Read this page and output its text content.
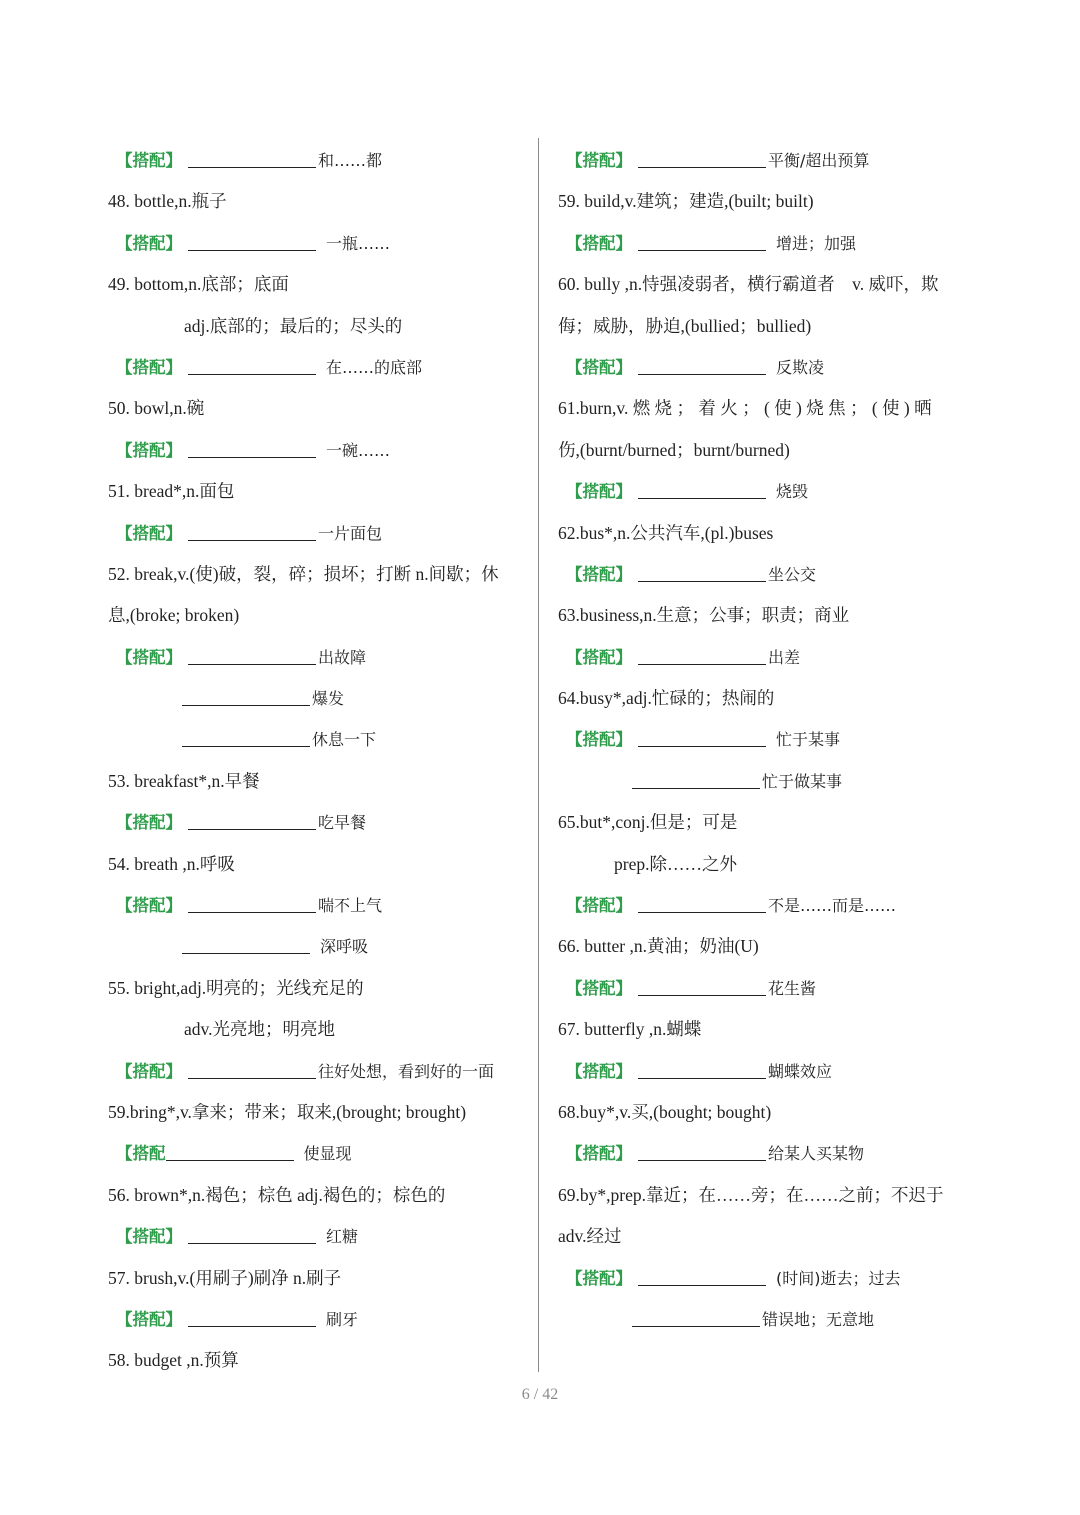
【搭配】	和……都
48. bottle,n.瓶子
【搭配】	一瓶……
49. bottom,n.底部；底面
adj.底部的；最后的；尽头的
【搭配】	在……的底部
50. bowl,n.碗
【搭配】	一碗……
51. bread*,n.面包
【搭配】	一片面包
52. break,v.(使)破，裂，碎；损坏；打断 n.间歇；休
息,(broke; broken)
【搭配】	出故障
爆发
休息一下
53. breakfast*,n.早餐
【搭配】	吃早餐
54. breath ,n.呼吸
【搭配】	喘不上气
深呼吸
55. bright,adj.明亮的；光线充足的
adv.光亮地；明亮地
【搭配】	往好处想，看到好的一面
59.bring*,v.拿来；带来；取来,(brought; brought)
【搭配	使显现
56. brown*,n.褐色；棕色 adj.褐色的；棕色的
【搭配】	红糖
57. brush,v.(用刷子)刷净 n.刷子
【搭配】	刷牙
58. budget ,n.预算
【搭配】	平衡/超出预算
59. build,v.建筑；建造,(built; built)
【搭配】	增进；加强
60. bully ,n.恃强凌弱者，横行霸道者　v. 威吓，欺
侮；威胁，胁迫,(bullied；bullied)
【搭配】	反欺凌
61.burn,v. 燃 烧 ； 着 火 ； ( 使 ) 烧 焦 ； ( 使 ) 晒
伤,(burnt/burned；burnt/burned)
【搭配】	烧毁
62.bus*,n.公共汽车,(pl.)buses
【搭配】	坐公交
63.business,n.生意；公事；职责；商业
【搭配】	出差
64.busy*,adj.忙碌的；热闹的
【搭配】	忙于某事
忙于做某事
65.but*,conj.但是；可是
prep.除……之外
【搭配】	不是……而是……
66. butter ,n.黄油；奶油(U)
【搭配】	花生酱
67. butterfly ,n.蝴蝶
【搭配】	蝴蝶效应
68.buy*,v.买,(bought; bought)
【搭配】	给某人买某物
69.by*,prep.靠近；在……旁；在……之前；不迟于
adv.经过
【搭配】	(时间)逝去；过去
错误地；无意地
6 / 42
